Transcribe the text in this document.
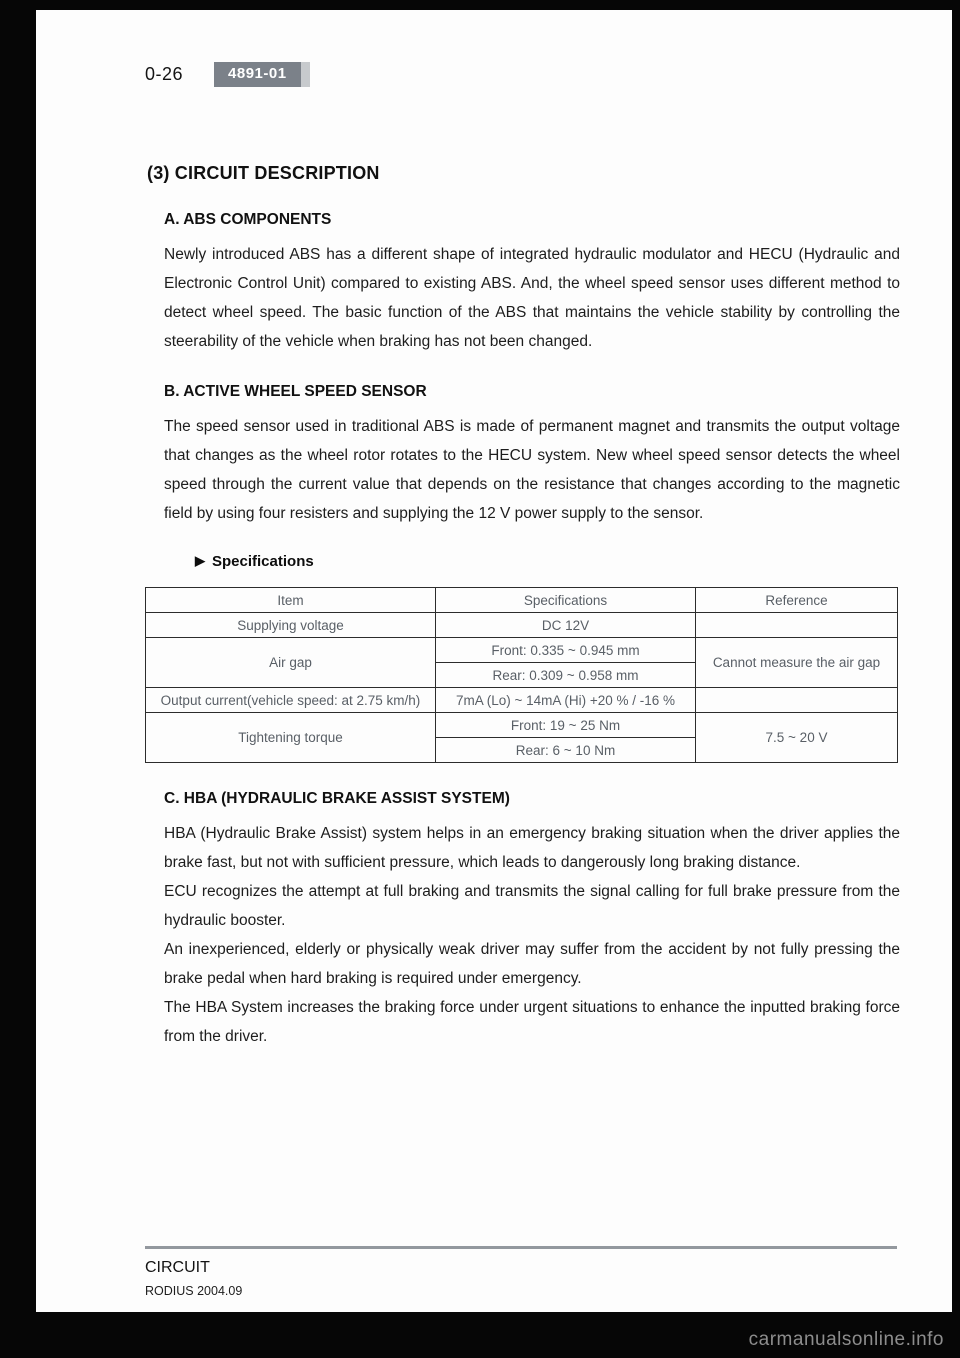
0-26	4891-01
(3) CIRCUIT DESCRIPTION
A. ABS COMPONENTS

Newly introduced ABS has a different shape of integrated hydraulic modulator and HECU (Hydraulic and Electronic Control Unit) compared to existing ABS. And, the wheel speed sensor uses different method to detect wheel speed. The basic function of the ABS that maintains the vehicle stability by controlling the steerability of the vehicle when braking has not been changed.

B. ACTIVE WHEEL SPEED SENSOR

The speed sensor used in traditional ABS is made of permanent magnet and transmits the output voltage that changes as the wheel rotor rotates to the HECU system. New wheel speed sensor detects the wheel speed through the current value that depends on the resistance that changes according to the magnetic field by using four resisters and supplying the 12 V power supply to the sensor.

▶ Specifications
Item	Specifications	Reference
Supplying voltage	DC 12V	
Air gap	Front: 0.335 ~ 0.945 mm	Cannot measure the air gap
	Rear: 0.309 ~ 0.958 mm	
Output current(vehicle speed: at 2.75 km/h)	7mA (Lo) ~ 14mA (Hi) +20 % / -16 %	
Tightening torque	Front: 19 ~ 25 Nm	7.5 ~ 20 V
	Rear: 6 ~ 10 Nm	
C. HBA (HYDRAULIC BRAKE ASSIST SYSTEM)

HBA (Hydraulic Brake Assist) system helps in an emergency braking situation when the driver applies the brake fast, but not with sufficient pressure, which leads to dangerously long braking distance.

ECU recognizes the attempt at full braking and transmits the signal calling for full brake pressure from the hydraulic booster.

An inexperienced, elderly or physically weak driver may suffer from the accident by not fully pressing the brake pedal when hard braking is required under emergency.

The HBA System increases the braking force under urgent situations to enhance the inputted braking force from the driver.

CIRCUIT
RODIUS 2004.09
carmanualsonline.info
